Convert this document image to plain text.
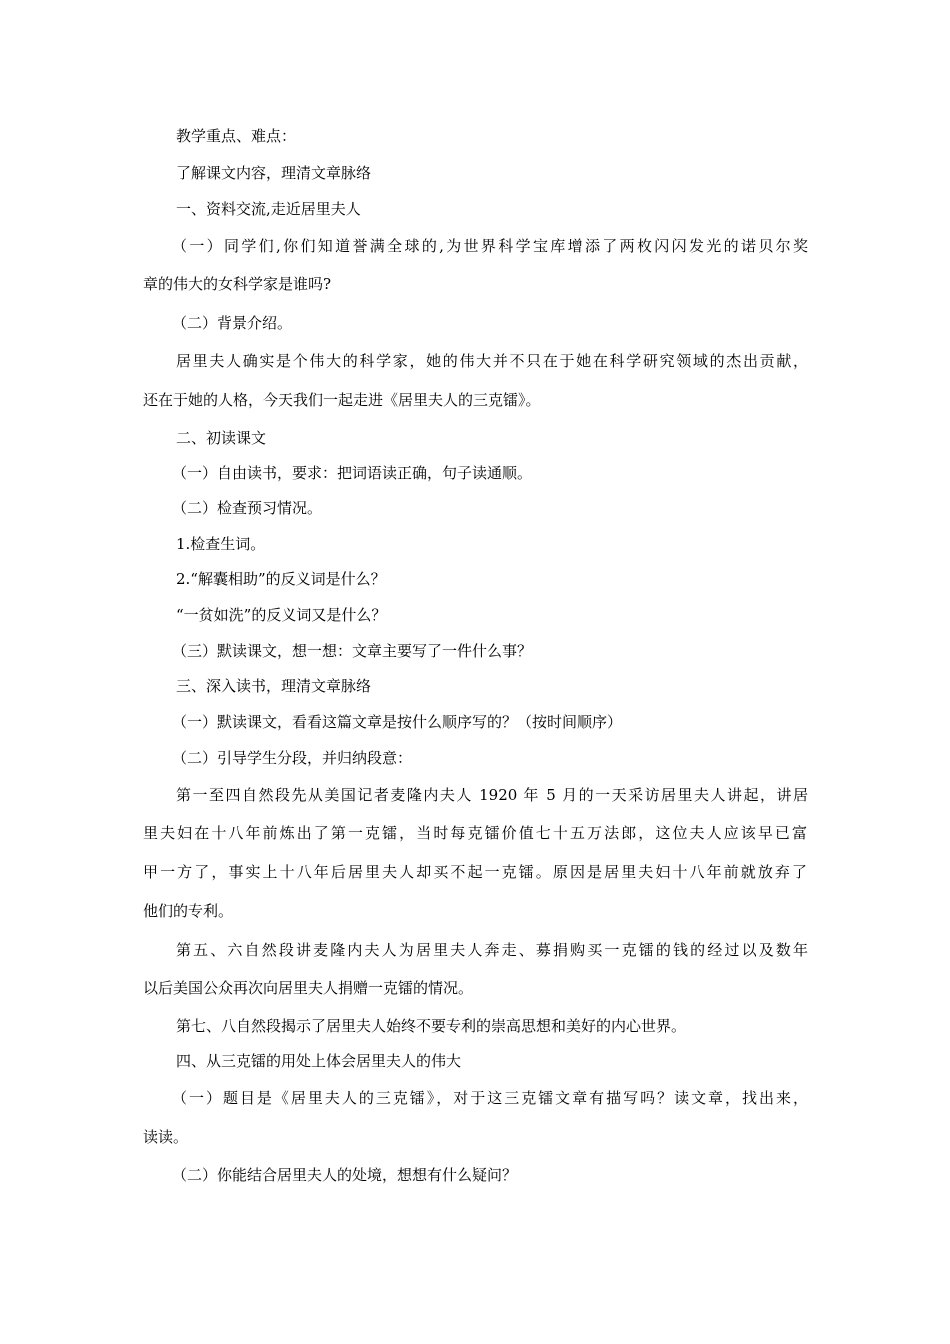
教学重点、难点：
了解课文内容，理清文章脉络
一、资料交流,走近居里夫人
（一）同学们,你们知道誉满全球的,为世界科学宝库增添了两枚闪闪发光的诺贝尔奖
章的伟大的女科学家是谁吗?
（二）背景介绍。
居里夫人确实是个伟大的科学家，她的伟大并不只在于她在科学研究领域的杰出贡献，
还在于她的人格，今天我们一起走进《居里夫人的三克镭》。
二、初读课文
（一）自由读书，要求：把词语读正确，句子读通顺。
（二）检查预习情况。
1.检查生词。
2.“解囊相助”的反义词是什么？
“一贫如洗”的反义词又是什么？
（三）默读课文，想一想：文章主要写了一件什么事？
三、深入读书，理清文章脉络
（一）默读课文，看看这篇文章是按什么顺序写的？（按时间顺序）
（二）引导学生分段，并归纳段意：
第一至四自然段先从美国记者麦隆内夫人 1920 年 5 月的一天采访居里夫人讲起，讲居
里夫妇在十八年前炼出了第一克镭，当时每克镭价值七十五万法郎，这位夫人应该早已富
甲一方了，事实上十八年后居里夫人却买不起一克镭。原因是居里夫妇十八年前就放弃了
他们的专利。
第五、六自然段讲麦隆内夫人为居里夫人奔走、募捐购买一克镭的钱的经过以及数年
以后美国公众再次向居里夫人捐赠一克镭的情况。
第七、八自然段揭示了居里夫人始终不要专利的崇高思想和美好的内心世界。
四、从三克镭的用处上体会居里夫人的伟大
（一）题目是《居里夫人的三克镭》，对于这三克镭文章有描写吗？读文章，找出来，
读读。
（二）你能结合居里夫人的处境，想想有什么疑问？
